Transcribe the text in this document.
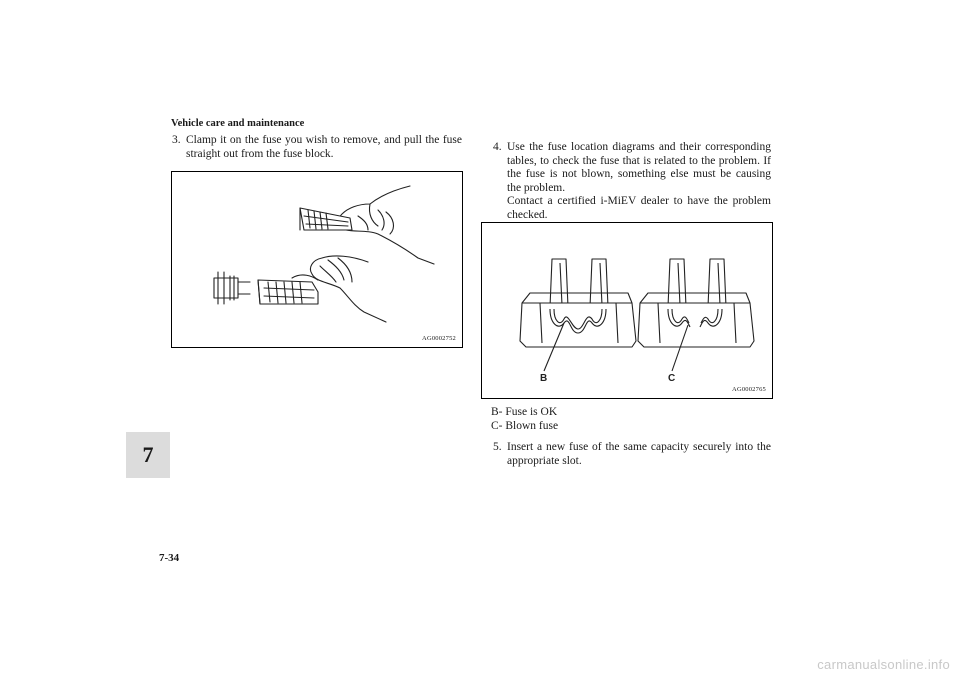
Vehicle care and maintenance
7
7-34
3. Clamp it on the fuse you wish to remove, and pull the fuse straight out from the fuse block.
AG0002752
4. Use the fuse location diagrams and their corresponding tables, to check the fuse that is related to the problem. If the fuse is not blown, something else must be causing the problem.
Contact a certified i-MiEV dealer to have the problem checked.
B	C
AG0002765
B- Fuse is OK
C- Blown fuse
5. Insert a new fuse of the same capacity securely into the appropriate slot.
carmanualsonline.info
